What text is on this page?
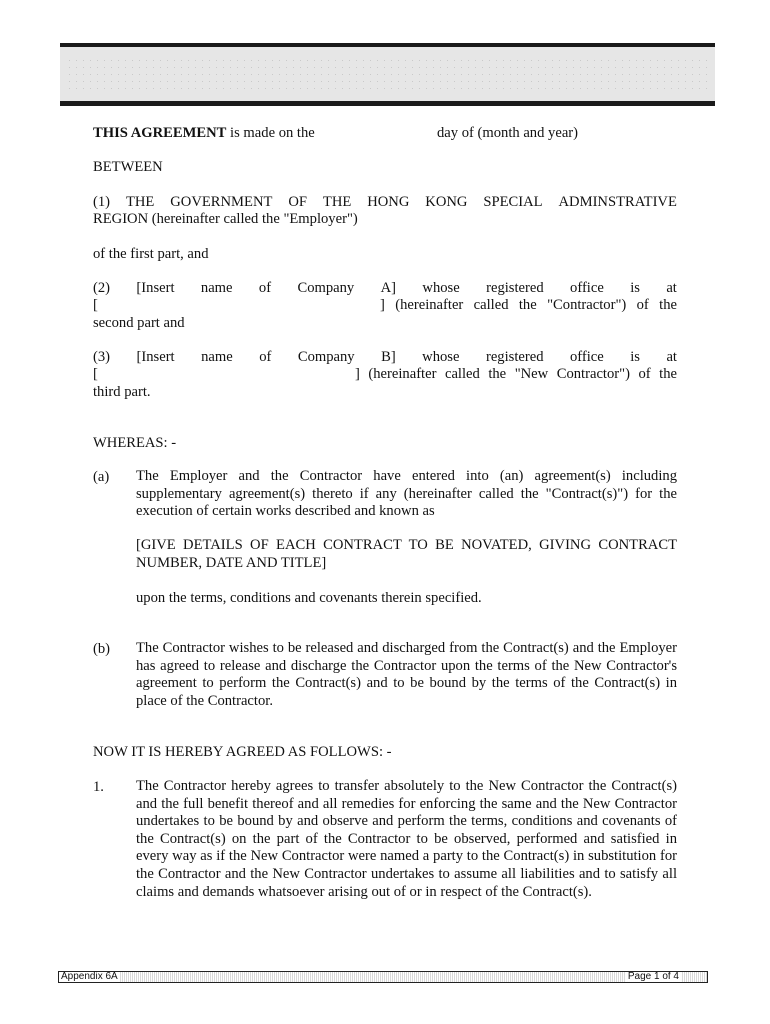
THIS AGREEMENT is made on the	day of (month and year)
BETWEEN
(1) THE GOVERNMENT OF THE HONG KONG SPECIAL ADMINSTRATIVE
REGION (hereinafter called the "Employer")
of the first part, and
(2) [Insert name of Company A] whose registered office is at
[	] (hereinafter called the "Contractor") of the
second part and
(3) [Insert name of Company B] whose registered office is at
[	] (hereinafter called the "New Contractor") of the
third part.
WHEREAS: -
(a) The Employer and the Contractor have entered into (an) agreement(s) including supplementary agreement(s) thereto if any (hereinafter called the "Contract(s)") for the execution of certain works described and known as
[GIVE DETAILS OF EACH CONTRACT TO BE NOVATED, GIVING CONTRACT NUMBER, DATE AND TITLE]
upon the terms, conditions and covenants therein specified.
(b) The Contractor wishes to be released and discharged from the Contract(s) and the Employer has agreed to release and discharge the Contractor upon the terms of the New Contractor's agreement to perform the Contract(s) and to be bound by the terms of the Contract(s) in place of the Contractor.
NOW IT IS HEREBY AGREED AS FOLLOWS: -
1. The Contractor hereby agrees to transfer absolutely to the New Contractor the Contract(s) and the full benefit thereof and all remedies for enforcing the same and the New Contractor undertakes to be bound by and observe and perform the terms, conditions and covenants of the Contract(s) on the part of the Contractor to be observed, performed and satisfied in every way as if the New Contractor were named a party to the Contract(s) in substitution for the Contractor and the New Contractor undertakes to assume all liabilities and to satisfy all claims and demands whatsoever arising out of or in respect of the Contract(s).
Appendix 6A	Page 1 of 4
